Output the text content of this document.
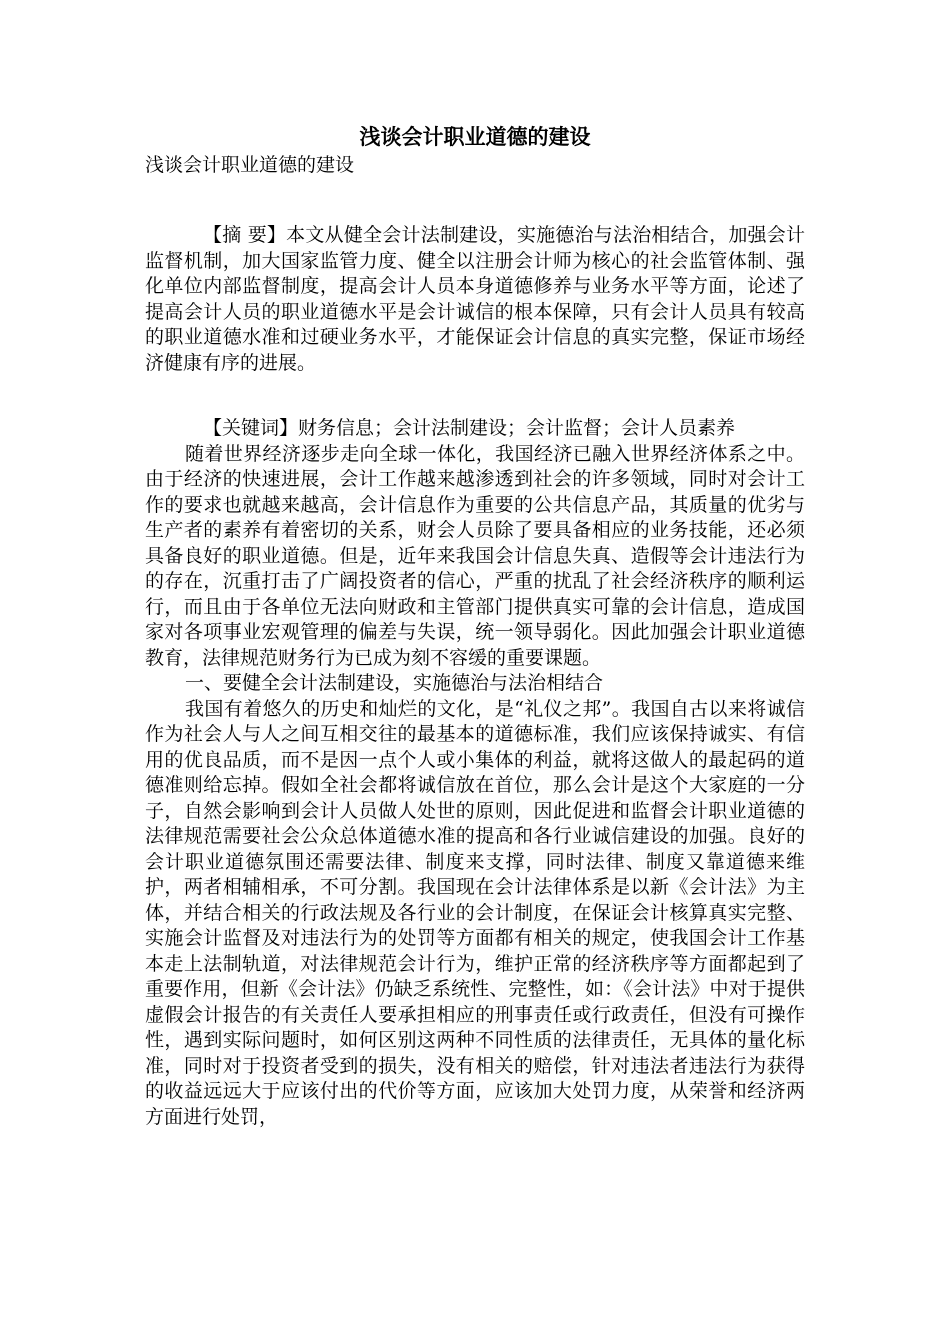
浅谈会计职业道德的建设

浅谈会计职业道德的建设

【摘 要】本文从健全会计法制建设，实施德治与法治相结合，加强会计监督机制，加大国家监管力度、健全以注册会计师为核心的社会监管体制、强化单位内部监督制度，提高会计人员本身道德修养与业务水平等方面，论述了提高会计人员的职业道德水平是会计诚信的根本保障，只有会计人员具有较高的职业道德水准和过硬业务水平，才能保证会计信息的真实完整，保证市场经济健康有序的进展。

【关键词】财务信息；会计法制建设；会计监督；会计人员素养

随着世界经济逐步走向全球一体化，我国经济已融入世界经济体系之中。由于经济的快速进展，会计工作越来越渗透到社会的许多领域，同时对会计工作的要求也就越来越高，会计信息作为重要的公共信息产品，其质量的优劣与生产者的素养有着密切的关系，财会人员除了要具备相应的业务技能，还必须具备良好的职业道德。但是，近年来我国会计信息失真、造假等会计违法行为的存在，沉重打击了广阔投资者的信心，严重的扰乱了社会经济秩序的顺利运行，而且由于各单位无法向财政和主管部门提供真实可靠的会计信息，造成国家对各项事业宏观管理的偏差与失误，统一领导弱化。因此加强会计职业道德教育，法律规范财务行为已成为刻不容缓的重要课题。

一、要健全会计法制建设，实施德治与法治相结合

我国有着悠久的历史和灿烂的文化，是“礼仪之邦”。我国自古以来将诚信作为社会人与人之间互相交往的最基本的道德标准，我们应该保持诚实、有信用的优良品质，而不是因一点个人或小集体的利益，就将这做人的最起码的道德准则给忘掉。假如全社会都将诚信放在首位，那么会计是这个大家庭的一分子，自然会影响到会计人员做人处世的原则，因此促进和监督会计职业道德的法律规范需要社会公众总体道德水准的提高和各行业诚信建设的加强。良好的会计职业道德氛围还需要法律、制度来支撑，同时法律、制度又靠道德来维护，两者相辅相承，不可分割。我国现在会计法律体系是以新《会计法》为主体，并结合相关的行政法规及各行业的会计制度，在保证会计核算真实完整、实施会计监督及对违法行为的处罚等方面都有相关的规定，使我国会计工作基本走上法制轨道，对法律规范会计行为，维护正常的经济秩序等方面都起到了重要作用，但新《会计法》仍缺乏系统性、完整性，如：《会计法》中对于提供虚假会计报告的有关责任人要承担相应的刑事责任或行政责任，但没有可操作性，遇到实际问题时，如何区别这两种不同性质的法律责任，无具体的量化标准，同时对于投资者受到的损失，没有相关的赔偿，针对违法者违法行为获得的收益远远大于应该付出的代价等方面，应该加大处罚力度，从荣誉和经济两方面进行处罚，
